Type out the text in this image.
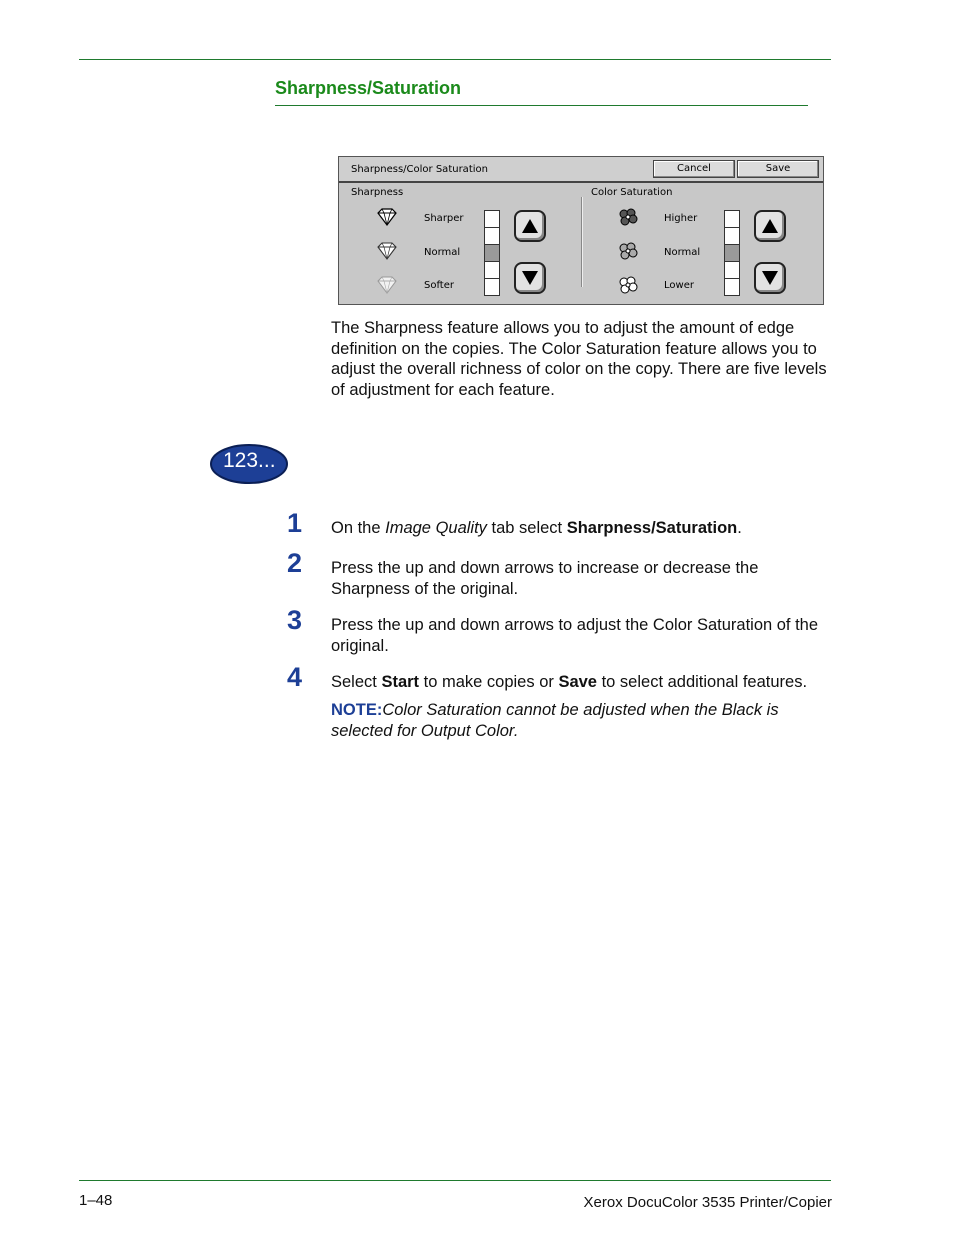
Sharpness/Saturation
Sharpness/Color Saturation	Cancel	Save
Sharpness
Sharper
Normal
Softer
Color Saturation
Higher
Normal
Lower
The Sharpness feature allows you to adjust the amount of edge definition on the copies. The Color Saturation feature allows you to adjust the overall richness of color on the copy. There are five levels of adjustment for each feature.
123...
1 On the Image Quality tab select Sharpness/Saturation.
2 Press the up and down arrows to increase or decrease the Sharpness of the original.
3 Press the up and down arrows to adjust the Color Saturation of the original.
4 Select Start to make copies or Save to select additional features.
NOTE:Color Saturation cannot be adjusted when the Black is selected for Output Color.
1–48	Xerox DocuColor 3535 Printer/Copier
